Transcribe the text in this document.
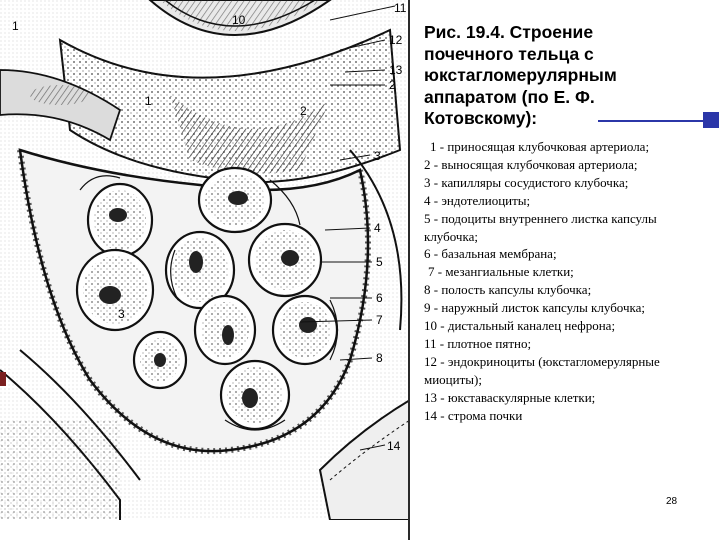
10
11
12
13
2
3
4
5
6
7
8
14
1
1
2
3
Рис. 19.4. Строение почечного тельца с юкстагломерулярным аппаратом (по Е. Ф. Котовскому):
1 - приносящая клубочковая артериола;
2 - выносящая клубочковая артериола;
3 - капилляры сосудистого клубочка;
4 - эндотелиоциты;
5 - подоциты внутреннего листка капсулы клубочка;
6 - базальная мембрана;
7 - мезангиальные клетки;
8 - полость капсулы клубочка;
9 - наружный листок капсулы клубочка;
10 - дистальный каналец нефрона;
11 - плотное пятно;
12 - эндокриноциты (юкстагломерулярные миоциты);
13 - юкставаскулярные клетки;
14 - строма почки
28
